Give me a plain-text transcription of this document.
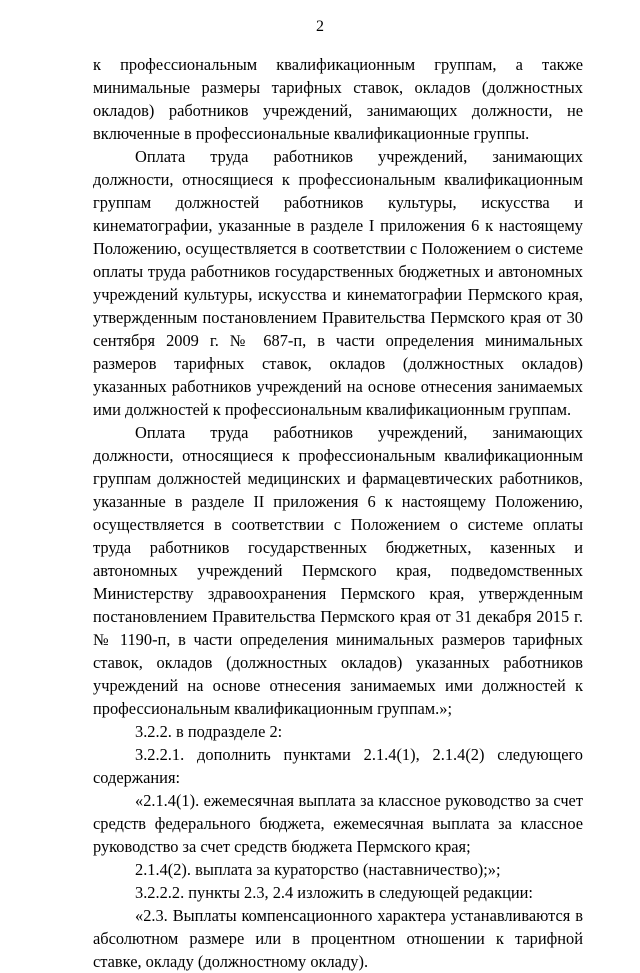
2

к профессиональным квалификационным группам, а также минимальные размеры тарифных ставок, окладов (должностных окладов) работников учреждений, занимающих должности, не включенные в профессиональные квалификационные группы.

Оплата труда работников учреждений, занимающих должности, относящиеся к профессиональным квалификационным группам должностей работников культуры, искусства и кинематографии, указанные в разделе I приложения 6 к настоящему Положению, осуществляется в соответствии с Положением о системе оплаты труда работников государственных бюджетных и автономных учреждений культуры, искусства и кинематографии Пермского края, утвержденным постановлением Правительства Пермского края от 30 сентября 2009 г. № 687-п, в части определения минимальных размеров тарифных ставок, окладов (должностных окладов) указанных работников учреждений на основе отнесения занимаемых ими должностей к профессиональным квалификационным группам.

Оплата труда работников учреждений, занимающих должности, относящиеся к профессиональным квалификационным группам должностей медицинских и фармацевтических работников, указанные в разделе II приложения 6 к настоящему Положению, осуществляется в соответствии с Положением о системе оплаты труда работников государственных бюджетных, казенных и автономных учреждений Пермского края, подведомственных Министерству здравоохранения Пермского края, утвержденным постановлением Правительства Пермского края от 31 декабря 2015 г. № 1190-п, в части определения минимальных размеров тарифных ставок, окладов (должностных окладов) указанных работников учреждений на основе отнесения занимаемых ими должностей к профессиональным квалификационным группам.»;

3.2.2. в подразделе 2:

3.2.2.1. дополнить пунктами 2.1.4(1), 2.1.4(2) следующего содержания:

«2.1.4(1). ежемесячная выплата за классное руководство за счет средств федерального бюджета, ежемесячная выплата за классное руководство за счет средств бюджета Пермского края;

2.1.4(2). выплата за кураторство (наставничество);»;

3.2.2.2. пункты 2.3, 2.4 изложить в следующей редакции:

«2.3. Выплаты компенсационного характера устанавливаются в абсолютном размере или в процентном отношении к тарифной ставке, окладу (должностному окладу).
